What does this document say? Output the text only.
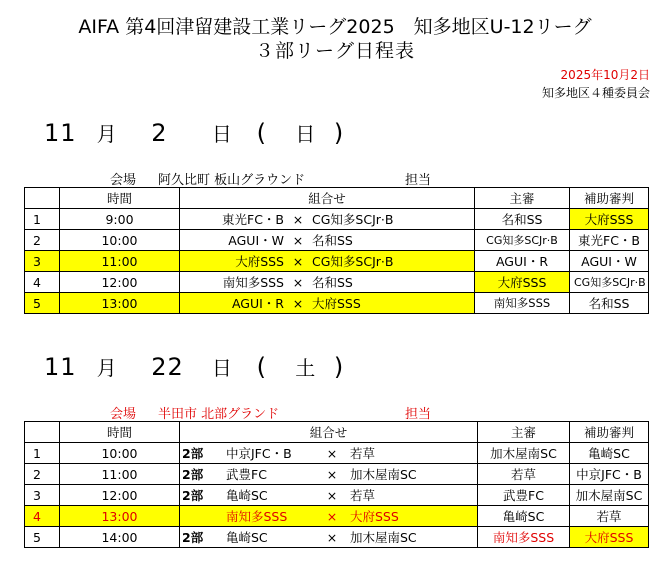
AIFA 第4回津留建設工業リーグ2025　知多地区U-12リーグ
３部リーグ日程表
2025年10月2日
知多地区４種委員会
11 月 2 日 ( 日 )
会場 阿久比町 板山グラウンド	担当
	時間	組合せ	主審	補助審判
1	9:00	東光FC・B × CG知多SCJr·B	名和SS	大府SSS
2	10:00	AGUI・W × 名和SS	CG知多SCJr·B	東光FC・B
3	11:00	大府SSS × CG知多SCJr·B	AGUI・R	AGUI・W
4	12:00	南知多SSS × 名和SS	大府SSS	CG知多SCJr·B
5	13:00	AGUI・R × 大府SSS	南知多SSS	名和SS
11 月 22 日 ( 土 )
会場 半田市 北部グランド	担当
	時間	組合せ	主審	補助審判
1	10:00	2部 中京JFC・B × 若草	加木屋南SC	亀崎SC
2	11:00	2部 武豊FC × 加木屋南SC	若草	中京JFC・B
3	12:00	2部 亀崎SC × 若草	武豊FC	加木屋南SC
4	13:00	南知多SSS × 大府SSS	亀崎SC	若草
5	14:00	2部 亀崎SC × 加木屋南SC	南知多SSS	大府SSS
